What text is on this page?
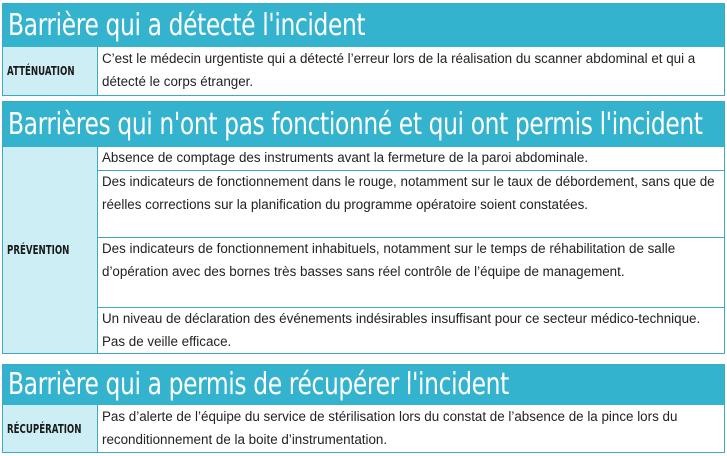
Barrière qui a détecté l'incident
ATTÉNUATION
C’est le médecin urgentiste qui a détecté l’erreur lors de la réalisation du scanner abdominal et qui a détecté le corps étranger.
Barrières qui n'ont pas fonctionné et qui ont permis l'incident
PRÉVENTION
Absence de comptage des instruments avant la fermeture de la paroi abdominale.
Des indicateurs de fonctionnement dans le rouge, notamment sur le taux de débordement, sans que de réelles corrections sur la planification du programme opératoire soient constatées.
Des indicateurs de fonctionnement inhabituels, notamment sur le temps de réhabilitation de salle d’opération avec des bornes très basses sans réel contrôle de l’équipe de management.
Un niveau de déclaration des événements indésirables insuffisant pour ce secteur médico-technique. Pas de veille efficace.
Barrière qui a permis de récupérer l'incident
RÉCUPÉRATION
Pas d’alerte de l’équipe du service de stérilisation lors du constat de l’absence de la pince lors du reconditionnement de la boite d’instrumentation.
